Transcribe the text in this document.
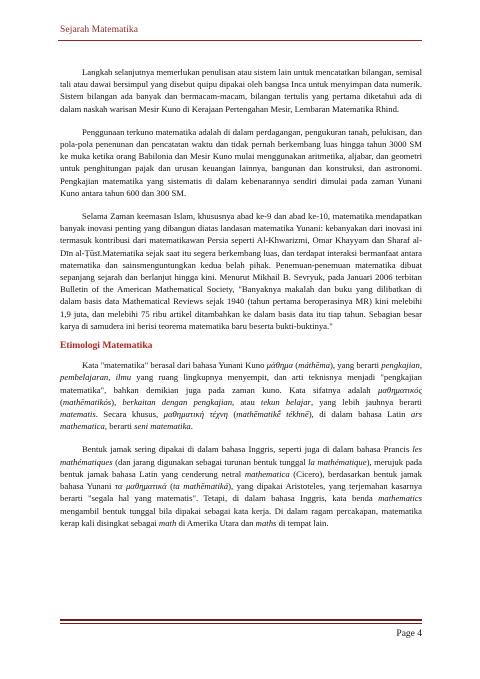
Sejarah Matematika

Langkah selanjutnya memerlukan penulisan atau sistem lain untuk mencatatkan bilangan, semisal tali atau dawai bersimpul yang disebut quipu dipakai oleh bangsa Inca untuk menyimpan data numerik. Sistem bilangan ada banyak dan bermacam-macam, bilangan tertulis yang pertama diketahui ada di dalam naskah warisan Mesir Kuno di Kerajaan Pertengahan Mesir, Lembaran Matematika Rhind.

Penggunaan terkuno matematika adalah di dalam perdagangan, pengukuran tanah, pelukisan, dan pola-pola penenunan dan pencatatan waktu dan tidak pernah berkembang luas hingga tahun 3000 SM ke muka ketika orang Babilonia dan Mesir Kuno mulai menggunakan aritmetika, aljabar, dan geometri untuk penghitungan pajak dan urusan keuangan lainnya, bangunan dan konstruksi, dan astronomi. Pengkajian matematika yang sistematis di dalam kebenarannya sendiri dimulai pada zaman Yunani Kuno antara tahun 600 dan 300 SM.

Selama Zaman keemasan Islam, khususnya abad ke-9 dan abad ke-10, matematika mendapatkan banyak inovasi penting yang dibangun diatas landasan matematika Yunani: kebanyakan dari inovasi ini termasuk kontribusi dari matematikawan Persia seperti Al-Khwarizmi, Omar Khayyam dan Sharaf al-Dīn al-Ṭūsī.Matematika sejak saat itu segera berkembang luas, dan terdapat interaksi bermanfaat antara matematika dan sainsmenguntungkan kedua belah pihak. Penemuan-penemuan matematika dibuat sepanjang sejarah dan berlanjut hingga kini. Menurut Mikhail B. Sevryuk, pada Januari 2006 terbitan Bulletin of the American Mathematical Society, "Banyaknya makalah dan buku yang dilibatkan di dalam basis data Mathematical Reviews sejak 1940 (tahun pertama beroperasinya MR) kini melebihi 1,9 juta, dan melebihi 75 ribu artikel ditambahkan ke dalam basis data itu tiap tahun. Sebagian besar karya di samudera ini berisi teorema matematika baru beserta bukti-buktinya."

Etimologi Matematika

Kata "matematika" berasal dari bahasa Yunani Kuno μάθημα (máthēma), yang berarti pengkajian, pembelajaran, ilmu yang ruang lingkupnya menyempit, dan arti teknisnya menjadi "pengkajian matematika", bahkan demikian juga pada zaman kuno. Kata sifatnya adalah μαθηματικός (mathēmatikós), berkaitan dengan pengkajian, atau tekun belajar, yang lebih jauhnya berarti matematis. Secara khusus, μαθηματικὴ τέχνη (mathēmatikḗ tékhnē), di dalam bahasa Latin ars mathematica, berarti seni matematika.

Bentuk jamak sering dipakai di dalam bahasa Inggris, seperti juga di dalam bahasa Prancis les mathématiques (dan jarang digunakan sebagai turunan bentuk tunggal la mathématique), merujuk pada bentuk jamak bahasa Latin yang cenderung netral mathematica (Cicero), berdasarkan bentuk jamak bahasa Yunani τα μαθηματικά (ta mathēmatiká), yang dipakai Aristoteles, yang terjemahan kasarnya berarti "segala hal yang matematis". Tetapi, di dalam bahasa Inggris, kata benda mathematics mengambil bentuk tunggal bila dipakai sebagai kata kerja. Di dalam ragam percakapan, matematika kerap kali disingkat sebagai math di Amerika Utara dan maths di tempat lain.

Page 4
